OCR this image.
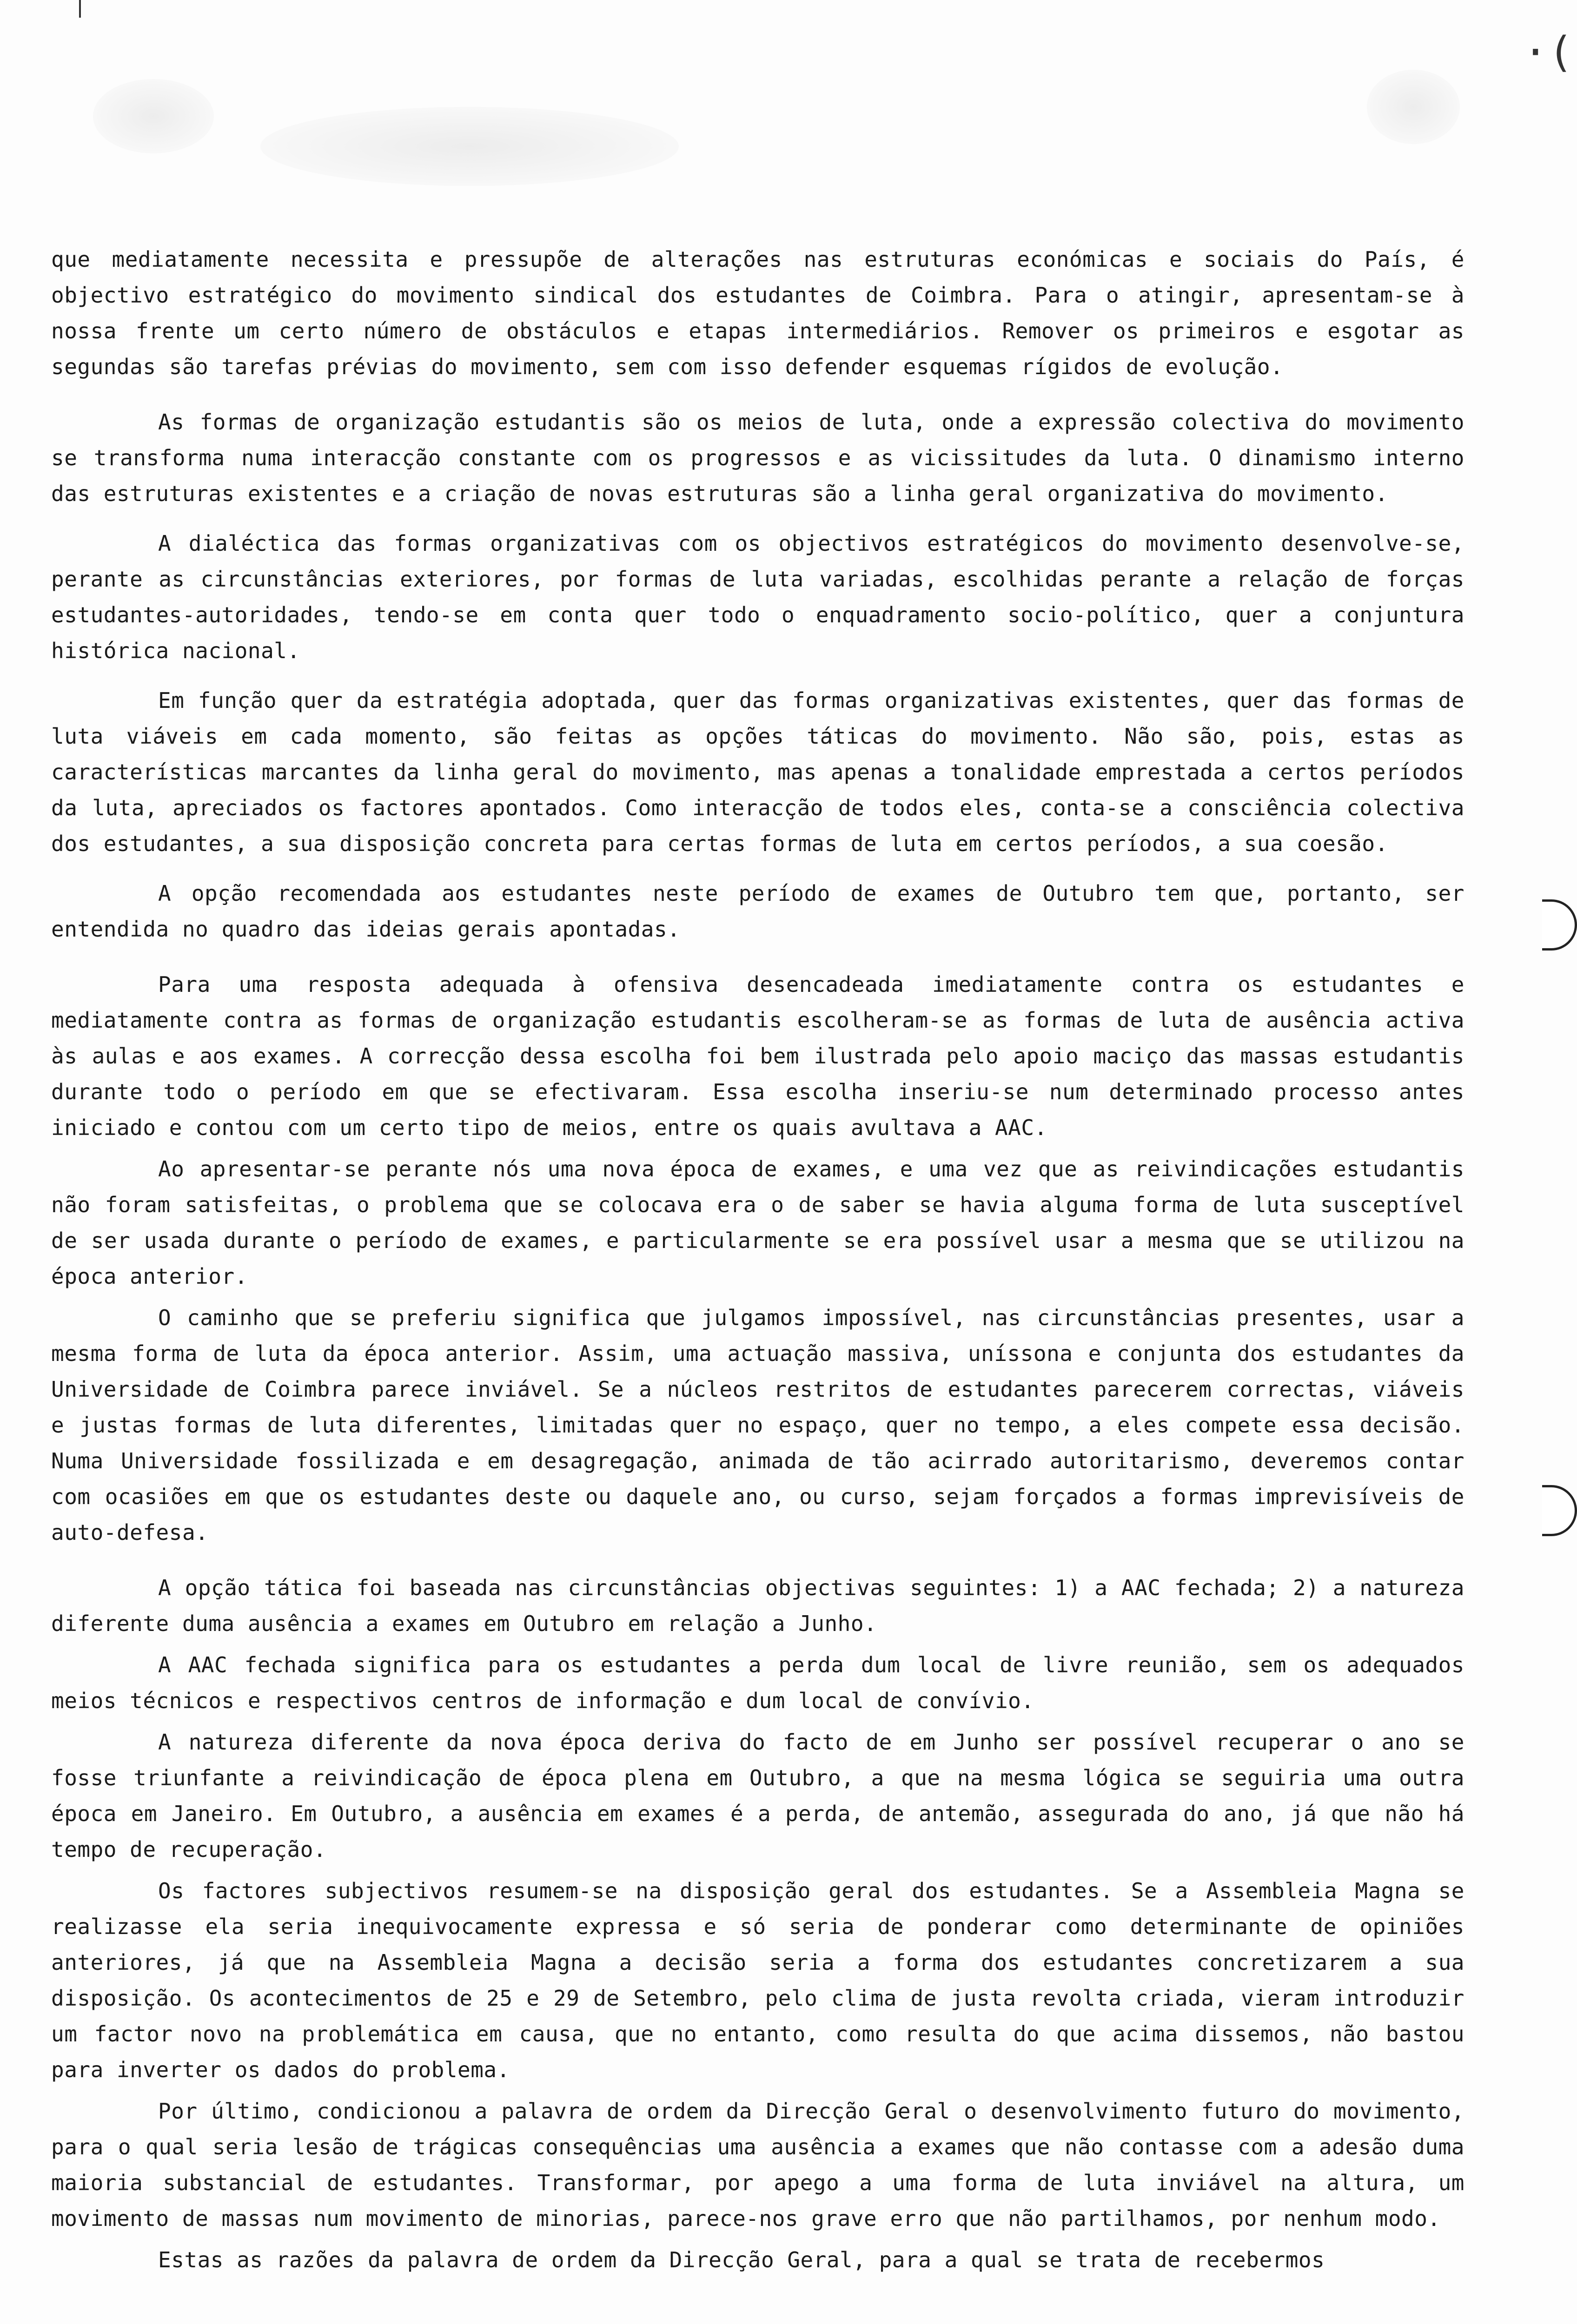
·(

que mediatamente necessita e pressupõe de alterações nas estruturas económicas e sociais do País, é objectivo estratégico do movimento sindical dos estudantes de Coimbra. Para o atingir, apresentam-se à nossa frente um certo número de obstáculos e etapas intermediários. Remover os primeiros e esgotar as segundas são tarefas prévias do movimento, sem com isso defender esquemas rígidos de evolução.

As formas de organização estudantis são os meios de luta, onde a expressão colectiva do movimento se transforma numa interacção constante com os progressos e as vicissitudes da luta. O dinamismo interno das estruturas existentes e a criação de novas estruturas são a linha geral organizativa do movimento.

A dialéctica das formas organizativas com os objectivos estratégicos do movimento desenvolve-se, perante as circunstâncias exteriores, por formas de luta variadas, escolhidas perante a relação de forças estudantes-autoridades, tendo-se em conta quer todo o enquadramento socio-político, quer a conjuntura histórica nacional.

Em função quer da estratégia adoptada, quer das formas organizativas existentes, quer das formas de luta viáveis em cada momento, são feitas as opções táticas do movimento. Não são, pois, estas as características marcantes da linha geral do movimento, mas apenas a tonalidade emprestada a certos períodos da luta, apreciados os factores apontados. Como interacção de todos eles, conta-se a consciência colectiva dos estudantes, a sua disposição concreta para certas formas de luta em certos períodos, a sua coesão.

A opção recomendada aos estudantes neste período de exames de Outubro tem que, portanto, ser entendida no quadro das ideias gerais apontadas.

Para uma resposta adequada à ofensiva desencadeada imediatamente contra os estudantes e mediatamente contra as formas de organização estudantis escolheram-se as formas de luta de ausência activa às aulas e aos exames. A correcção dessa escolha foi bem ilustrada pelo apoio maciço das massas estudantis durante todo o período em que se efectivaram. Essa escolha inseriu-se num determinado processo antes iniciado e contou com um certo tipo de meios, entre os quais avultava a AAC.

Ao apresentar-se perante nós uma nova época de exames, e uma vez que as reivindicações estudantis não foram satisfeitas, o problema que se colocava era o de saber se havia alguma forma de luta susceptível de ser usada durante o período de exames, e particularmente se era possível usar a mesma que se utilizou na época anterior.

O caminho que se preferiu significa que julgamos impossível, nas circunstâncias presentes, usar a mesma forma de luta da época anterior. Assim, uma actuação massiva, uníssona e conjunta dos estudantes da Universidade de Coimbra parece inviável. Se a núcleos restritos de estudantes parecerem correctas, viáveis e justas formas de luta diferentes, limitadas quer no espaço, quer no tempo, a eles compete essa decisão. Numa Universidade fossilizada e em desagregação, animada de tão acirrado autoritarismo, deveremos contar com ocasiões em que os estudantes deste ou daquele ano, ou curso, sejam forçados a formas imprevisíveis de auto-defesa.

A opção tática foi baseada nas circunstâncias objectivas seguintes: 1) a AAC fechada; 2) a natureza diferente duma ausência a exames em Outubro em relação a Junho.

A AAC fechada significa para os estudantes a perda dum local de livre reunião, sem os adequados meios técnicos e respectivos centros de informação e dum local de convívio.

A natureza diferente da nova época deriva do facto de em Junho ser possível recuperar o ano se fosse triunfante a reivindicação de época plena em Outubro, a que na mesma lógica se seguiria uma outra época em Janeiro. Em Outubro, a ausência em exames é a perda, de antemão, assegurada do ano, já que não há tempo de recuperação.

Os factores subjectivos resumem-se na disposição geral dos estudantes. Se a Assembleia Magna se realizasse ela seria inequivocamente expressa e só seria de ponderar como determinante de opiniões anteriores, já que na Assembleia Magna a decisão seria a forma dos estudantes concretizarem a sua disposição. Os acontecimentos de 25 e 29 de Setembro, pelo clima de justa revolta criada, vieram introduzir um factor novo na problemática em causa, que no entanto, como resulta do que acima dissemos, não bastou para inverter os dados do problema.

Por último, condicionou a palavra de ordem da Direcção Geral o desenvolvimento futuro do movimento, para o qual seria lesão de trágicas consequências uma ausência a exames que não contasse com a adesão duma maioria substancial de estudantes. Transformar, por apego a uma forma de luta inviável na altura, um movimento de massas num movimento de minorias, parece-nos grave erro que não partilhamos, por nenhum modo.

Estas as razões da palavra de ordem da Direcção Geral, para a qual se trata de recebermos
